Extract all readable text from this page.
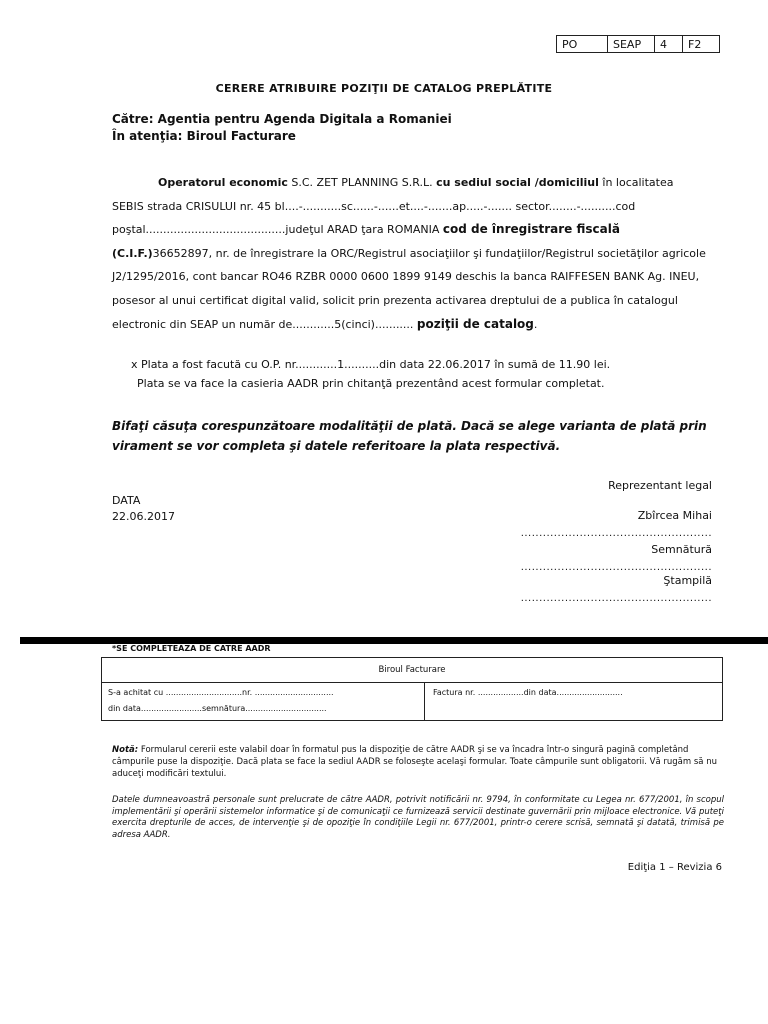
PO	SEAP	4	F2
CERERE ATRIBUIRE POZIŢII DE CATALOG PREPLĂTITE
Către: Agentia pentru Agenda Digitala a Romaniei
În atenţia: Biroul Facturare
Operatorul economic S.C. ZET PLANNING S.R.L. cu sediul social /domiciliul în localitatea
SEBIS strada CRISULUI nr. 45 bl....-...........sc......-......et....-.......ap.....-....... sector........-..........cod
poştal........................................judeţul ARAD ţara ROMANIA cod de înregistrare fiscală
(C.I.F.)36652897, nr. de înregistrare la ORC/Registrul asociaţiilor şi fundaţiilor/Registrul societăţilor agricole
J2/1295/2016, cont bancar RO46 RZBR 0000 0600 1899 9149 deschis la banca RAIFFESEN BANK Ag. INEU,
posesor al unui certificat digital valid, solicit prin prezenta activarea dreptului de a publica în catalogul
electronic din SEAP un număr de............5(cinci)........... poziţii de catalog.
x Plata a fost facută cu O.P. nr............1..........din data 22.06.2017 în sumă de 11.90 lei.
Plata se va face la casieria AADR prin chitanţă prezentând acest formular completat.
Bifaţi căsuţa corespunzătoare modalităţii de plată. Dacă se alege varianta de plată prin virament se vor completa şi datele referitoare la plata respectivă.
Reprezentant legal
DATA
22.06.2017	Zbîrcea Mihai
....................................................
Semnătură
....................................................
Ştampilă
....................................................
*SE COMPLETEAZA DE CATRE AADR
Biroul Facturare
S-a achitat cu ..............................nr. ...............................
din data........................semnătura................................
Factura nr. ..................din data..........................
Notă: Formularul cererii este valabil doar în formatul pus la dispoziţie de către AADR şi se va încadra într-o singură pagină completând câmpurile puse la dispoziţie. Dacă plata se face la sediul AADR se foloseşte acelaşi formular. Toate câmpurile sunt obligatorii. Vă rugăm să nu aduceţi modificări textului.
Datele dumneavoastră personale sunt prelucrate de către AADR, potrivit notificării nr. 9794, în conformitate cu Legea nr. 677/2001, în scopul implementării şi operării sistemelor informatice şi de comunicaţii ce furnizează servicii destinate guvernării prin mijloace electronice. Vă puteţi exercita drepturile de acces, de intervenţie şi de opoziţie în condiţiile Legii nr. 677/2001, printr-o cerere scrisă, semnată şi datată, trimisă pe adresa AADR.
Ediţia 1 – Revizia 6
